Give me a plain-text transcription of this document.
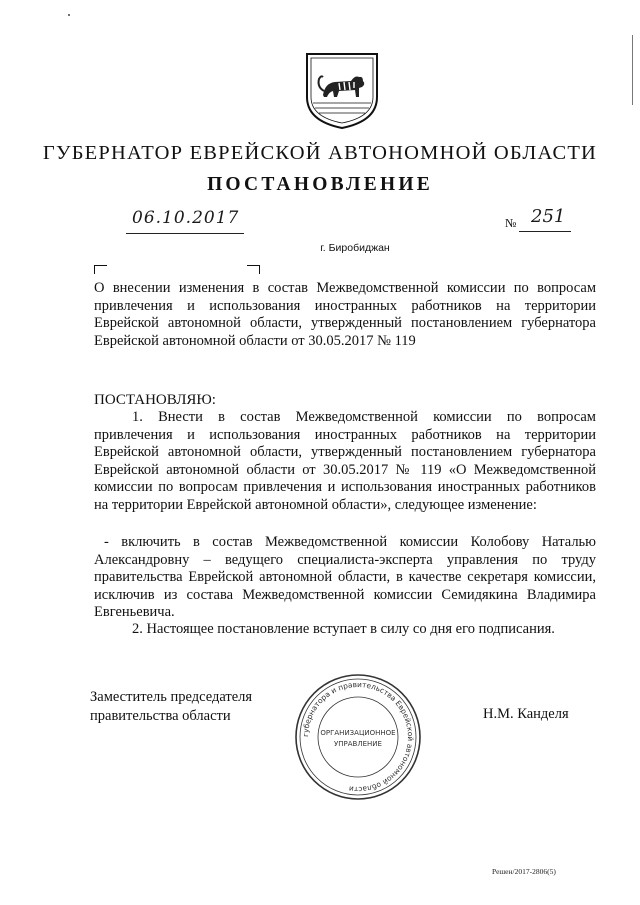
ГУБЕРНАТОР ЕВРЕЙСКОЙ АВТОНОМНОЙ ОБЛАСТИ
ПОСТАНОВЛЕНИЕ
06.10.2017	№ 251
г. Биробиджан
О внесении изменения в состав Межведомственной комиссии по вопросам привлечения и использования иностранных работников на территории Еврейской автономной области, утвержденный постановлением губернатора Еврейской автономной области от 30.05.2017 № 119
ПОСТАНОВЛЯЮ:
1. Внести в состав Межведомственной комиссии по вопросам привлечения и использования иностранных работников на территории Еврейской автономной области, утвержденный постановлением губернатора Еврейской автономной области от 30.05.2017 № 119 «О Межведомственной комиссии по вопросам привлечения и использования иностранных работников на территории Еврейской автономной области», следующее изменение:
- включить в состав Межведомственной комиссии Колобову Наталью Александровну – ведущего специалиста-эксперта управления по труду правительства Еврейской автономной области, в качестве секретаря комиссии, исключив из состава Межведомственной комиссии Семидякина Владимира Евгеньевича.
2. Настоящее постановление вступает в силу со дня его подписания.
Заместитель председателя
правительства области	Н.М. Канделя
губернатора и правительства Еврейской автономной области
ОРГАНИЗАЦИОННОЕ
УПРАВЛЕНИЕ
Решен/2017-2806(5)
